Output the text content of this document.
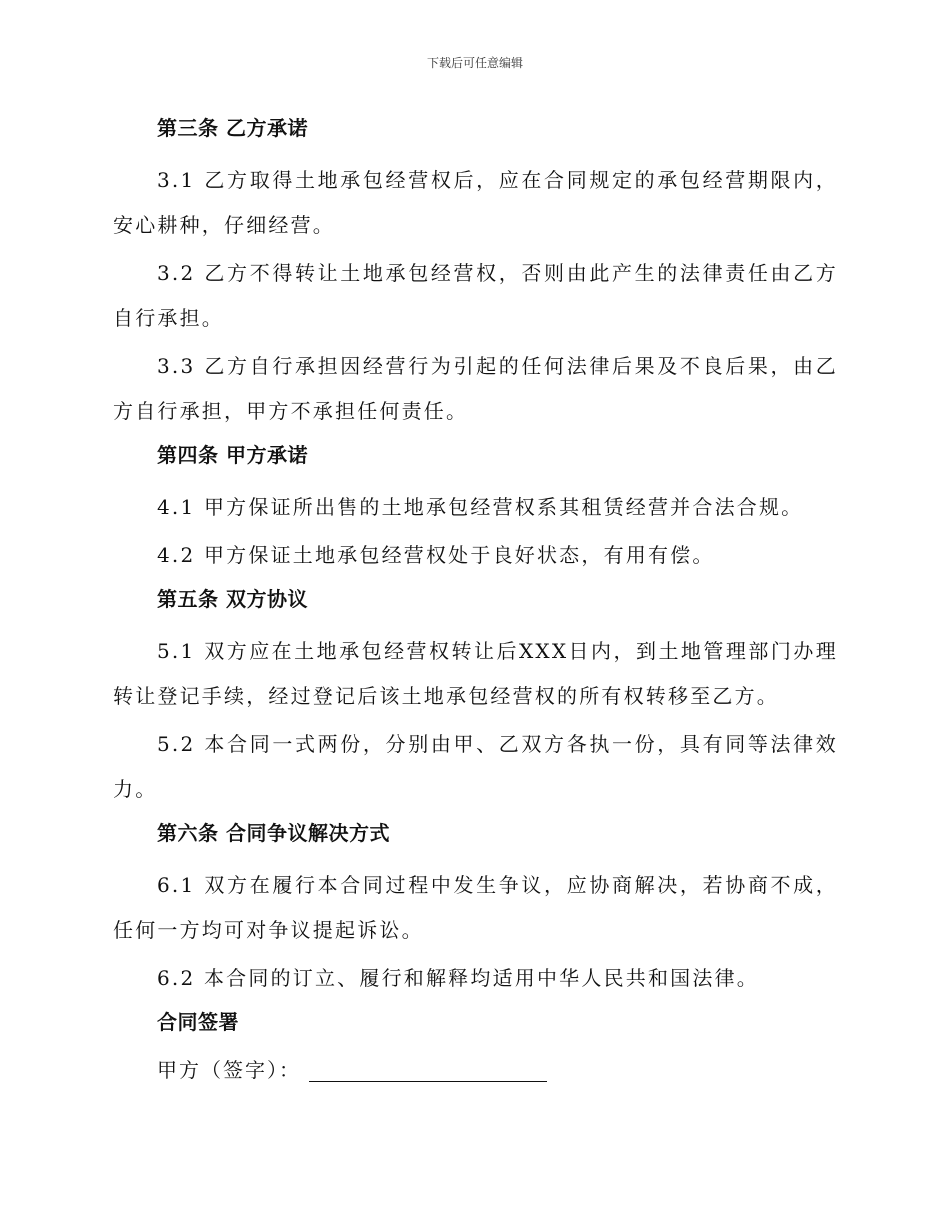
下载后可任意编辑
第三条 乙方承诺

3.1 乙方取得土地承包经营权后，应在合同规定的承包经营期限内，安心耕种，仔细经营。

3.2 乙方不得转让土地承包经营权，否则由此产生的法律责任由乙方自行承担。

3.3 乙方自行承担因经营行为引起的任何法律后果及不良后果，由乙方自行承担，甲方不承担任何责任。

第四条 甲方承诺

4.1 甲方保证所出售的土地承包经营权系其租赁经营并合法合规。

4.2 甲方保证土地承包经营权处于良好状态，有用有偿。

第五条 双方协议

5.1 双方应在土地承包经营权转让后XXX日内，到土地管理部门办理转让登记手续，经过登记后该土地承包经营权的所有权转移至乙方。

5.2 本合同一式两份，分别由甲、乙双方各执一份，具有同等法律效力。

第六条 合同争议解决方式

6.1 双方在履行本合同过程中发生争议，应协商解决，若协商不成，任何一方均可对争议提起诉讼。

6.2 本合同的订立、履行和解释均适用中华人民共和国法律。

合同签署
甲方（签字）：
